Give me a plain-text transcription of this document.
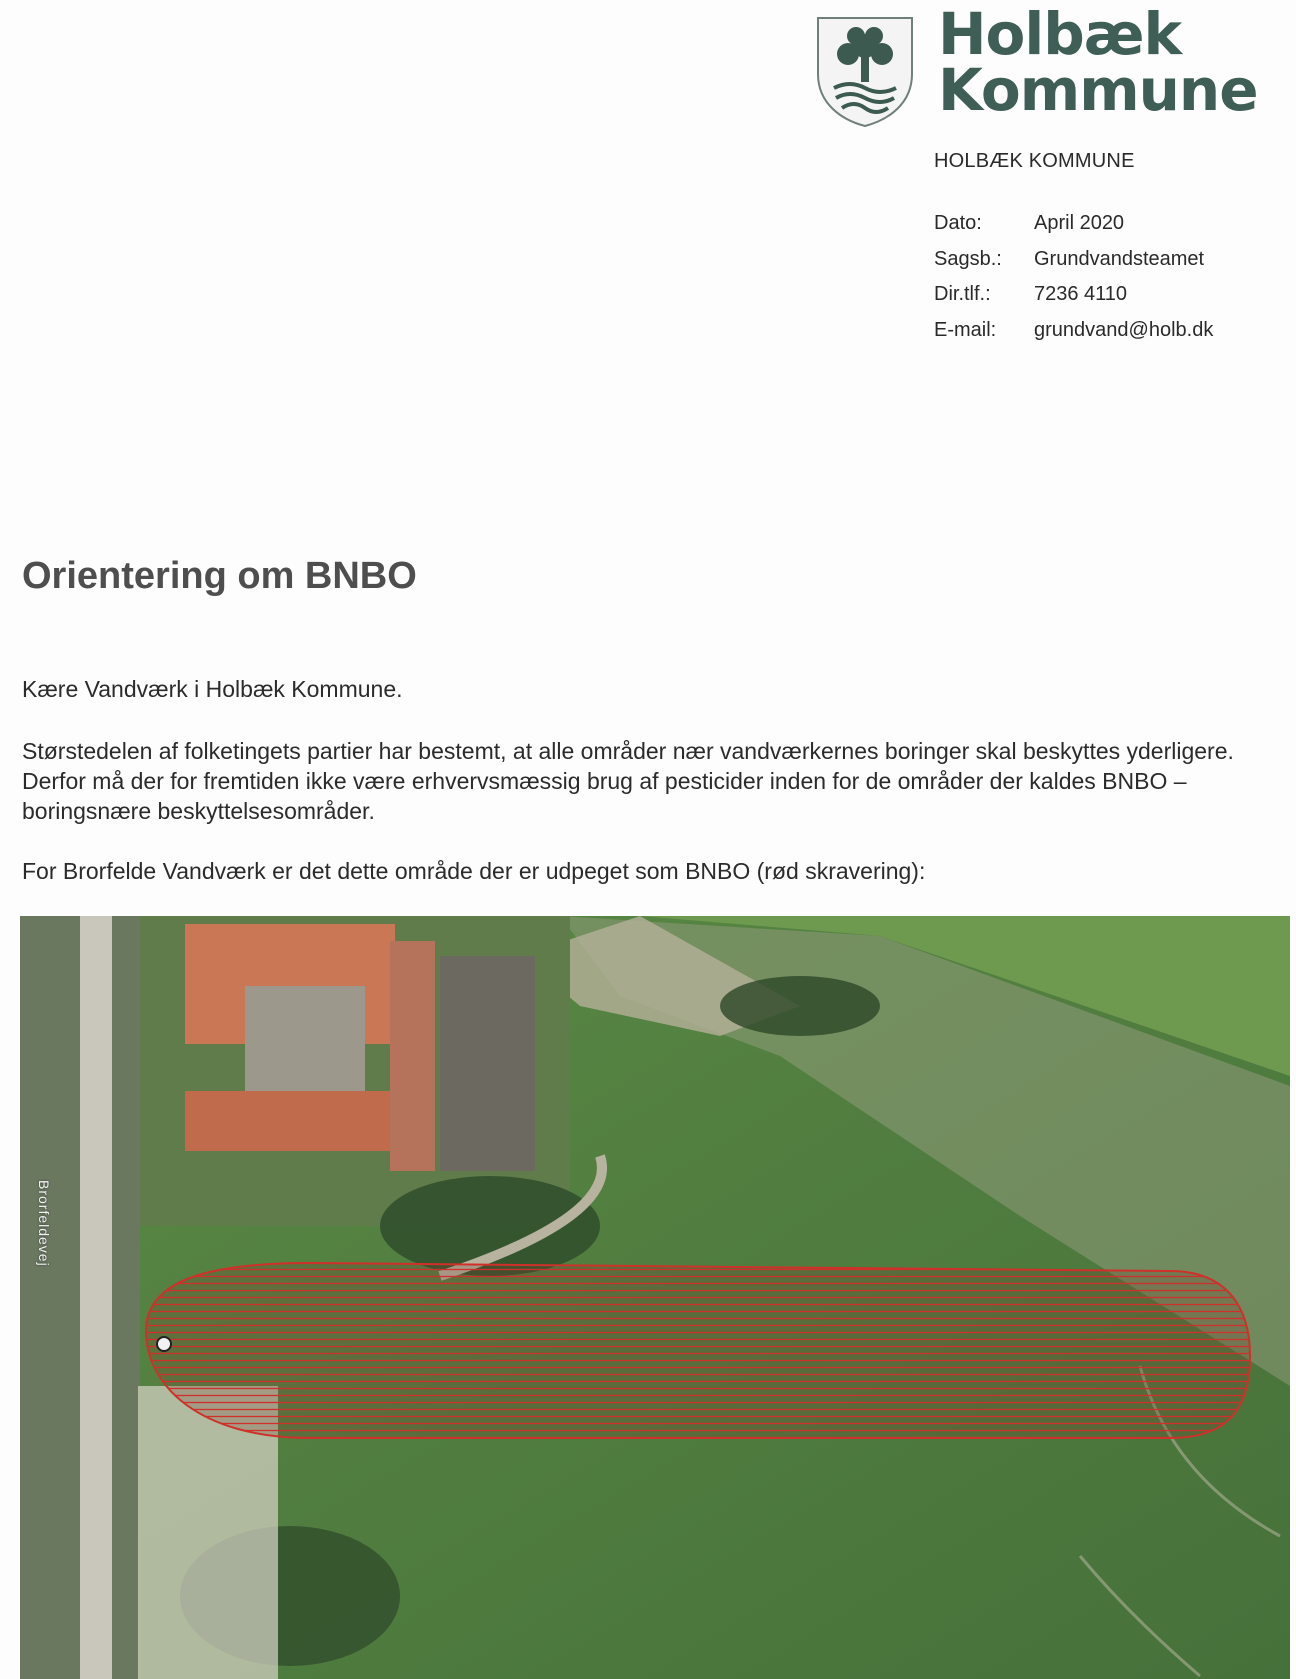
Holbæk
Kommune
HOLBÆK KOMMUNE
Dato:	April 2020
Sagsb.:	Grundvandsteamet
Dir.tlf.:	7236 4110
E-mail:	grundvand@holb.dk
Orientering om BNBO
Kære Vandværk i Holbæk Kommune.
Størstedelen af folketingets partier har bestemt, at alle områder nær vandværkernes boringer skal beskyttes yderligere. Derfor må der for fremtiden ikke være erhvervsmæssig brug af pesticider inden for de områder der kaldes BNBO – boringsnære beskyttelsesområder.
For Brorfelde Vandværk er det dette område der er udpeget som BNBO (rød skravering):
Brorfeldevej
